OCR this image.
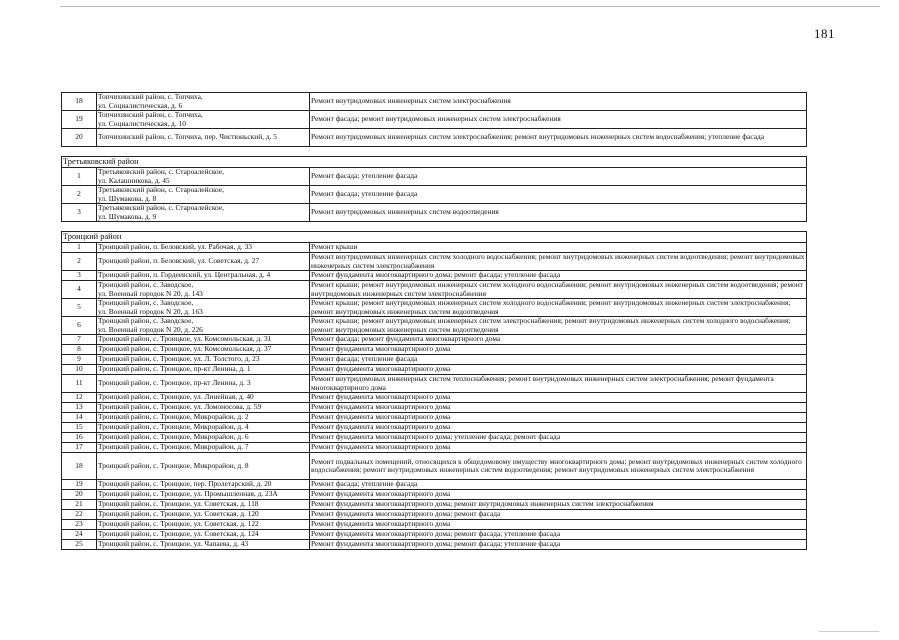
181
18	Топчихинский район, с. Топчиха,
ул. Социалистическая, д. 6	Ремонт внутридомовых инженерных систем электроснабжения
19	Топчихинский район, с. Топчиха,
ул. Социалистическая, д. 10	Ремонт фасада; ремонт внутридомовых инженерных систем электроснабжения
20	Топчихинский район, с. Топчиха, пер. Чистюньский, д. 5	Ремонт внутридомовых инженерных систем электроснабжения; ремонт внутридомовых инженерных систем водоснабжения; утепление фасада

Третьяковский район		
1	Третьяковский район, с. Староалейское,
ул. Калашникова, д. 45	Ремонт фасада; утепление фасада
2	Третьяковский район, с. Староалейское,
ул. Шумакова, д. 8	Ремонт фасада; утепление фасада
3	Третьяковский район, с. Староалейское,
ул. Шумакова, д. 9	Ремонт внутридомовых инженерных систем водоотведения

Троицкий район		
1	Троицкий район, п. Беловский, ул. Рабочая, д. 33	Ремонт крыши
2	Троицкий район, п. Беловский, ул. Советская, д. 27	Ремонт внутридомовых инженерных систем холодного водоснабжения; ремонт внутридомовых инженерных систем водоотведения; ремонт внутридомовых инженерных систем электроснабжения
3	Троицкий район, п. Гордеевский, ул. Центральная, д. 4	Ремонт фундамента многоквартирного дома; ремонт фасада; утепление фасада
4	Троицкий район, с. Заводское,
ул. Военный городок N 20, д. 143	Ремонт крыши; ремонт внутридомовых инженерных систем холодного водоснабжения; ремонт внутридомовых инженерных систем водоотведения; ремонт внутридомовых инженерных систем электроснабжения
5	Троицкий район, с. Заводское,
ул. Военный городок N 20, д. 163	Ремонт крыши; ремонт внутридомовых инженерных систем холодного водоснабжения; ремонт внутридомовых инженерных систем электроснабжения; ремонт внутридомовых инженерных систем водоотведения
6	Троицкий район, с. Заводское,
ул. Военный городок N 20, д. 226	Ремонт крыши; ремонт внутридомовых инженерных систем электроснабжения; ремонт внутридомовых инженерных систем холодного водоснабжения; ремонт внутридомовых инженерных систем водоотведения
7	Троицкий район, с. Троицкое, ул. Комсомольская, д. 31	Ремонт фасада; ремонт фундамента многоквартирного дома
8	Троицкий район, с. Троицкое, ул. Комсомольская, д. 37	Ремонт фундамента многоквартирного дома
9	Троицкий район, с. Троицкое, ул. Л. Толстого, д. 23	Ремонт фасада; утепление фасада
10	Троицкий район, с. Троицкое, пр-кт Ленина, д. 1	Ремонт фундамента многоквартирного дома
11	Троицкий район, с. Троицкое, пр-кт Ленина, д. 3	Ремонт внутридомовых инженерных систем теплоснабжения; ремонт внутридомовых инженерных систем электроснабжения; ремонт фундамента многоквартирного дома
12	Троицкий район, с. Троицкое, ул. Линейная, д. 40	Ремонт фундамента многоквартирного дома
13	Троицкий район, с. Троицкое, ул. Ломоносова, д. 59	Ремонт фундамента многоквартирного дома
14	Троицкий район, с. Троицкое, Микрорайон, д. 2	Ремонт фундамента многоквартирного дома
15	Троицкий район, с. Троицкое, Микрорайон, д. 4	Ремонт фундамента многоквартирного дома
16	Троицкий район, с. Троицкое, Микрорайон, д. 6	Ремонт фундамента многоквартирного дома; утепление фасада; ремонт фасада
17	Троицкий район, с. Троицкое, Микрорайон, д. 7	Ремонт фундамента многоквартирного дома
18	Троицкий район, с. Троицкое, Микрорайон, д. 8	Ремонт подвальных помещений, относящихся к общедомовому имуществу многоквартирного дома; ремонт внутридомовых инженерных систем холодного водоснабжения; ремонт внутридомовых инженерных систем водоотведения; ремонт внутридомовых инженерных систем электроснабжения
19	Троицкий район, с. Троицкое, пер. Пролетарский, д. 20	Ремонт фасада; утепление фасада
20	Троицкий район, с. Троицкое, ул. Промышленная, д. 23А	Ремонт фундамента многоквартирного дома
21	Троицкий район, с. Троицкое, ул. Советская, д. 118	Ремонт фундамента многоквартирного дома; ремонт внутридомовых инженерных систем электроснабжения
22	Троицкий район, с. Троицкое, ул. Советская, д. 120	Ремонт фундамента многоквартирного дома; ремонт фасада
23	Троицкий район, с. Троицкое, ул. Советская, д. 122	Ремонт фундамента многоквартирного дома
24	Троицкий район, с. Троицкое, ул. Советская, д. 124	Ремонт фундамента многоквартирного дома; ремонт фасада; утепление фасада
25	Троицкий район, с. Троицкое, ул. Чапаева, д. 43	Ремонт фундамента многоквартирного дома; ремонт фасада; утепление фасада
